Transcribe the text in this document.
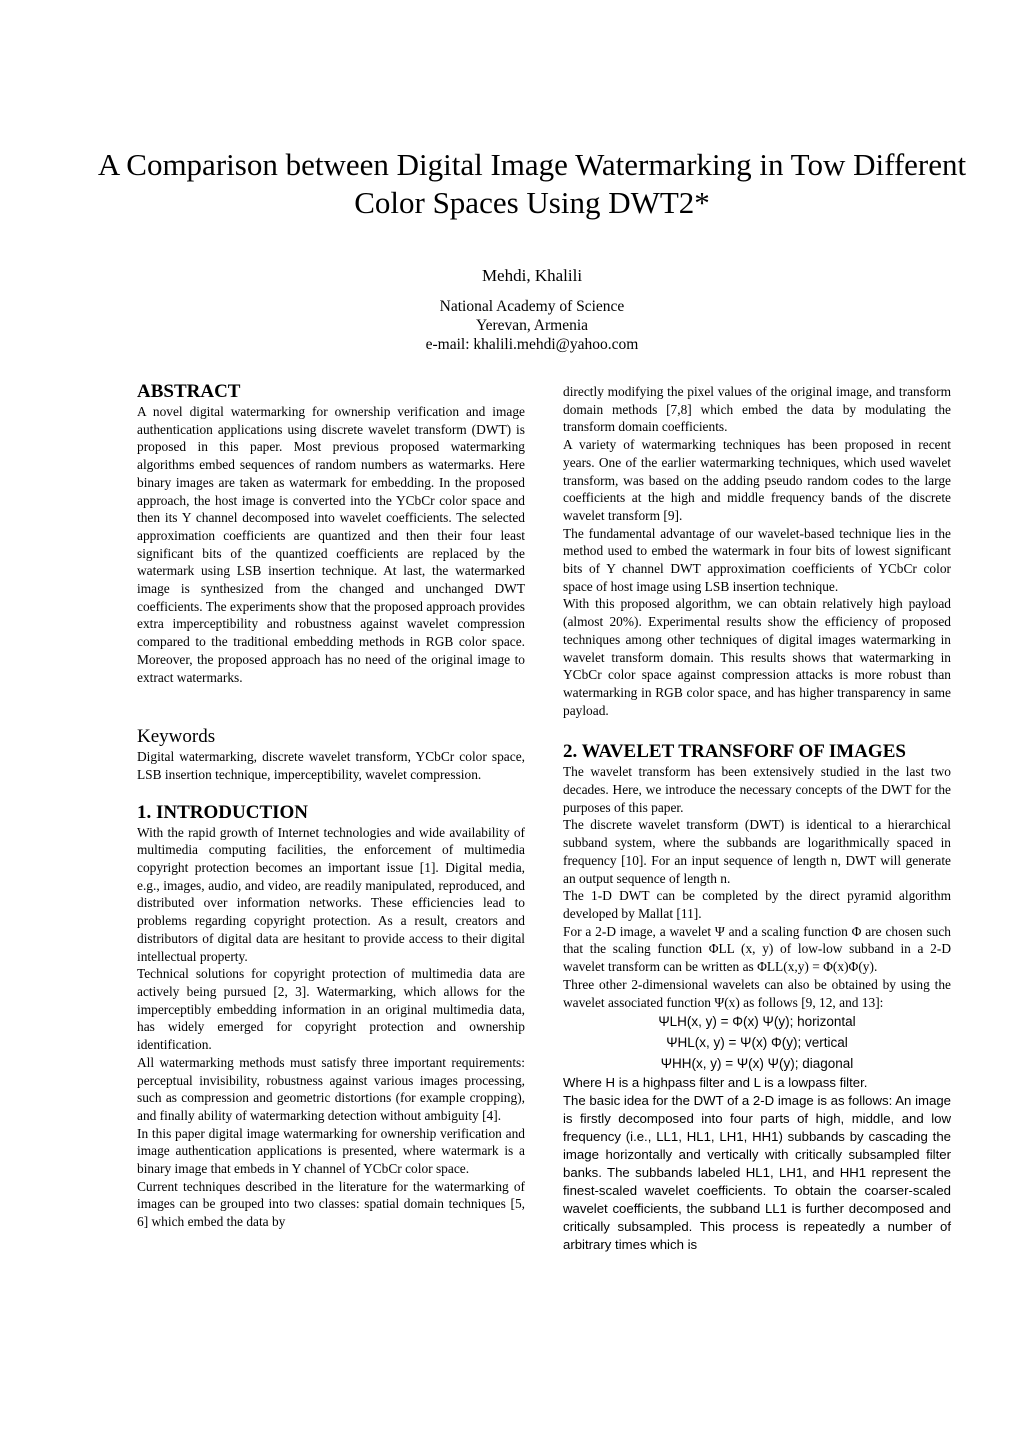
A Comparison between Digital Image Watermarking in Tow Different Color Spaces Using DWT2*
Mehdi, Khalili
National Academy of Science
Yerevan, Armenia
e-mail: khalili.mehdi@yahoo.com
ABSTRACT

A novel digital watermarking for ownership verification and image authentication applications using discrete wavelet transform (DWT) is proposed in this paper. Most previous proposed watermarking algorithms embed sequences of random numbers as watermarks. Here binary images are taken as watermark for embedding. In the proposed approach, the host image is converted into the YCbCr color space and then its Y channel decomposed into wavelet coefficients. The selected approximation coefficients are quantized and then their four least significant bits of the quantized coefficients are replaced by the watermark using LSB insertion technique. At last, the watermarked image is synthesized from the changed and unchanged DWT coefficients. The experiments show that the proposed approach provides extra imperceptibility and robustness against wavelet compression compared to the traditional embedding methods in RGB color space. Moreover, the proposed approach has no need of the original image to extract watermarks.

Keywords

Digital watermarking, discrete wavelet transform, YCbCr color space, LSB insertion technique, imperceptibility, wavelet compression.

1. INTRODUCTION

With the rapid growth of Internet technologies and wide availability of multimedia computing facilities, the enforcement of multimedia copyright protection becomes an important issue [1]. Digital media, e.g., images, audio, and video, are readily manipulated, reproduced, and distributed over information networks. These efficiencies lead to problems regarding copyright protection. As a result, creators and distributors of digital data are hesitant to provide access to their digital intellectual property.

Technical solutions for copyright protection of multimedia data are actively being pursued [2, 3]. Watermarking, which allows for the imperceptibly embedding information in an original multimedia data, has widely emerged for copyright protection and ownership identification.

All watermarking methods must satisfy three important requirements: perceptual invisibility, robustness against various images processing, such as compression and geometric distortions (for example cropping), and finally ability of watermarking detection without ambiguity [4].

In this paper digital image watermarking for ownership verification and image authentication applications is presented, where watermark is a binary image that embeds in Y channel of YCbCr color space.

Current techniques described in the literature for the watermarking of images can be grouped into two classes: spatial domain techniques [5, 6] which embed the data by

directly modifying the pixel values of the original image, and transform domain methods [7,8] which embed the data by modulating the transform domain coefficients.

A variety of watermarking techniques has been proposed in recent years. One of the earlier watermarking techniques, which used wavelet transform, was based on the adding pseudo random codes to the large coefficients at the high and middle frequency bands of the discrete wavelet transform [9].

The fundamental advantage of our wavelet-based technique lies in the method used to embed the watermark in four bits of lowest significant bits of Y channel DWT approximation coefficients of YCbCr color space of host image using LSB insertion technique.

With this proposed algorithm, we can obtain relatively high payload (almost 20%). Experimental results show the efficiency of proposed techniques among other techniques of digital images watermarking in wavelet transform domain. This results shows that watermarking in YCbCr color space against compression attacks is more robust than watermarking in RGB color space, and has higher transparency in same payload.

2. WAVELET TRANSFORF OF IMAGES

The wavelet transform has been extensively studied in the last two decades. Here, we introduce the necessary concepts of the DWT for the purposes of this paper.

The discrete wavelet transform (DWT) is identical to a hierarchical subband system, where the subbands are logarithmically spaced in frequency [10]. For an input sequence of length n, DWT will generate an output sequence of length n.

The 1-D DWT can be completed by the direct pyramid algorithm developed by Mallat [11].

For a 2-D image, a wavelet Ψ and a scaling function Φ are chosen such that the scaling function ΦLL (x, y) of low-low subband in a 2-D wavelet transform can be written as ΦLL(x,y) = Φ(x)Φ(y).

Three other 2-dimensional wavelets can also be obtained by using the wavelet associated function Ψ(x) as follows [9, 12, and 13]:

ΨLH(x, y) = Φ(x) Ψ(y); horizontal
ΨHL(x, y) = Ψ(x) Φ(y); vertical
ΨHH(x, y) = Ψ(x) Ψ(y); diagonal
Where H is a highpass filter and L is a lowpass filter.
The basic idea for the DWT of a 2-D image is as follows: An image is firstly decomposed into four parts of high, middle, and low frequency (i.e., LL1, HL1, LH1, HH1) subbands by cascading the image horizontally and vertically with critically subsampled filter banks. The subbands labeled HL1, LH1, and HH1 represent the finest-scaled wavelet coefficients. To obtain the coarser-scaled wavelet coefficients, the subband LL1 is further decomposed and critically subsampled. This process is repeatedly a number of arbitrary times which is
